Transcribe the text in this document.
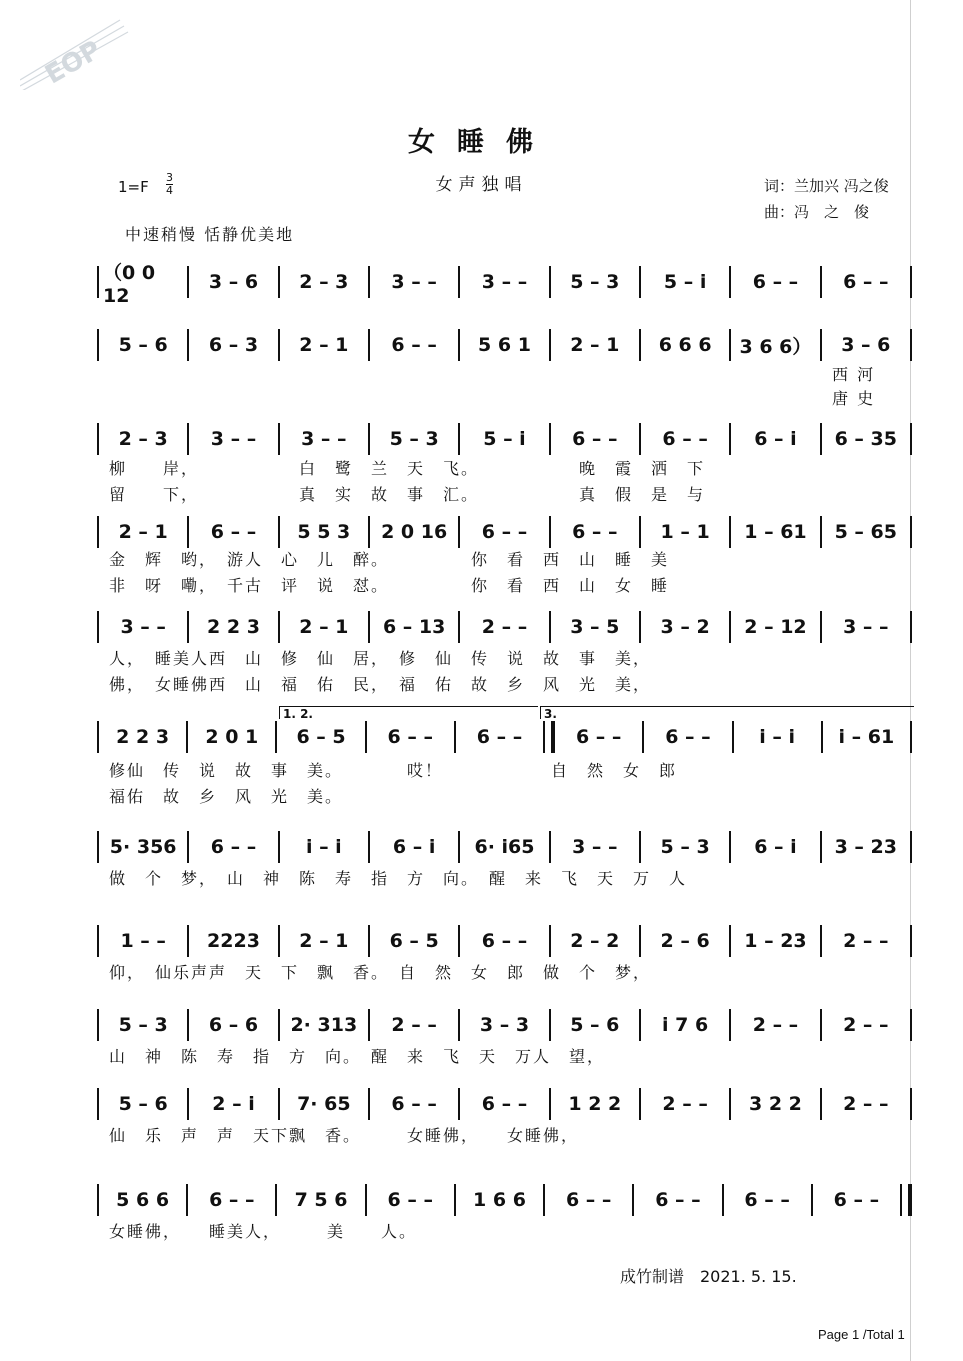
EOP
女睡佛
女声独唱
1=F
3
4	词：兰加兴 冯之俊
曲：冯　之　俊
中速稍慢 恬静优美地
（0 0 12
3 – 6	2 – 3	3 – –	3 – –	5 – 3	5 – i	6 – –	6 – –
5 – 6	6 – 3	2 – 1	6 – –	5 6 1	2 – 1	6 6 6	3 6 6）	3 – 6
西 河
唐 史
2 – 3	3 – –	3 – –	5 – 3	5 – i	6 – –	6 – –	6 – i	6 – 35
柳　　岸，　　　　　　白　鹭　兰　天　飞。　　　　　　晚　霞　洒　下
留　　下，　　　　　　真　实　故　事　汇。　　　　　　真　假　是　与
2 – 1	6 – –	5 5 3	2 0 16	6 – –	6 – –	1 – 1	1 – 61	5 – 65
金　辉　哟，　游人　心　儿　醉。　　　　　你　看　西　山　睡　美
非　呀　嘞，　千古　评　说　怼。　　　　　你　看　西　山　女　睡
3 – –	2 2 3	2 – 1	6 – 13	2 – –	3 – 5	3 – 2	2 – 12	3 – –
人，　睡美人西　山　修　仙　居，　修　仙　传　说　故　事　美，
佛，　女睡佛西　山　福　佑　民，　福　佑　故　乡　风　光　美，
2 2 3	2 0 1	6 – 5	6 – –	6 – –	6 – –	6 – –	i – i	i – 61
修仙　传　说　故　事　美。　　　　哎！　　　　　　自　然　女　郎
福佑　故　乡　风　光　美。
1. 2.	3.
5· 356	6 – –	i – i	6 – i	6· i65	3 – –	5 – 3	6 – i	3 – 23
做　个　梦，　山　神　陈　寿　指　方　向。　醒　来　飞　天　万　人
1 – –	2223	2 – 1	6 – 5	6 – –	2 – 2	2 – 6	1 – 23	2 – –
仰，　仙乐声声　天　下　飘　香。　自　然　女　郎　做　个　梦，
5 – 3	6 – 6	2· 313	2 – –	3 – 3	5 – 6	i 7 6	2 – –	2 – –
山　神　陈　寿　指　方　向。　醒　来　飞　天　万人　望，
5 – 6	2 – i	7· 65	6 – –	6 – –	1 2 2	2 – –	3 2 2	2 – –
仙　乐　声　声　天下飘　香。　　　女睡佛，　　女睡佛，
5 6 6	6 – –	7 5 6	6 – –	1 6 6	6 – –	6 – –	6 – –	6 – –
女睡佛，　　睡美人，　　　美　　人。
成竹制谱　2021. 5. 15.
Page 1 /Total 1
